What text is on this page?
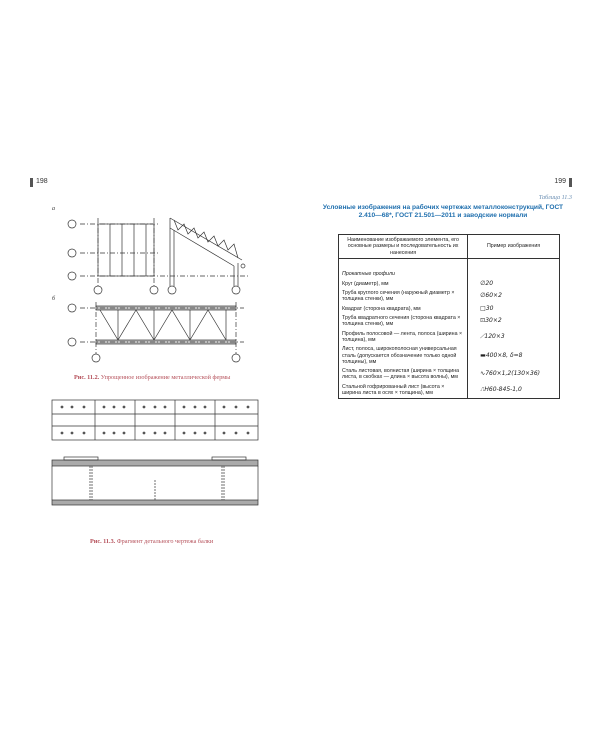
198
а
б
Рис. 11.2. Упрощенное изображение металлической фермы
Рис. 11.3. Фрагмент детального чертежа балки
199
Таблица 11.3
Условные изображения на рабочих чертежах металлоконструкций, ГОСТ 2.410—68*, ГОСТ 21.501—2011 и заводские нормали
Наименование изображаемого элемента, его основные размеры и последовательность их нанесения	Пример изображения

Прокатные профили	
Круг (диаметр), мм	∅20
Труба круглого сечения (наружный диаметр × толщина стенки), мм	∅60×2
Квадрат (сторона квадрата), мм	□30
Труба квадратного сечения (сторона квадрата × толщина стенки), мм	⊡30×2
Профиль полосовой — лента, полоса (ширина × толщина), мм	⟋120×3
Лист, полоса, широкополосная универсальная сталь (допускается обозначение только одной толщины), мм	▬400×8, δ=8
Сталь листовая, волнистая (ширина × толщина листа, в скобках — длина × высота волны), мм	∿760×1,2(130×36)
Стальной гофрированный лист (высота × ширина листа в осях × толщина), мм	⎍Н60-845-1,0
